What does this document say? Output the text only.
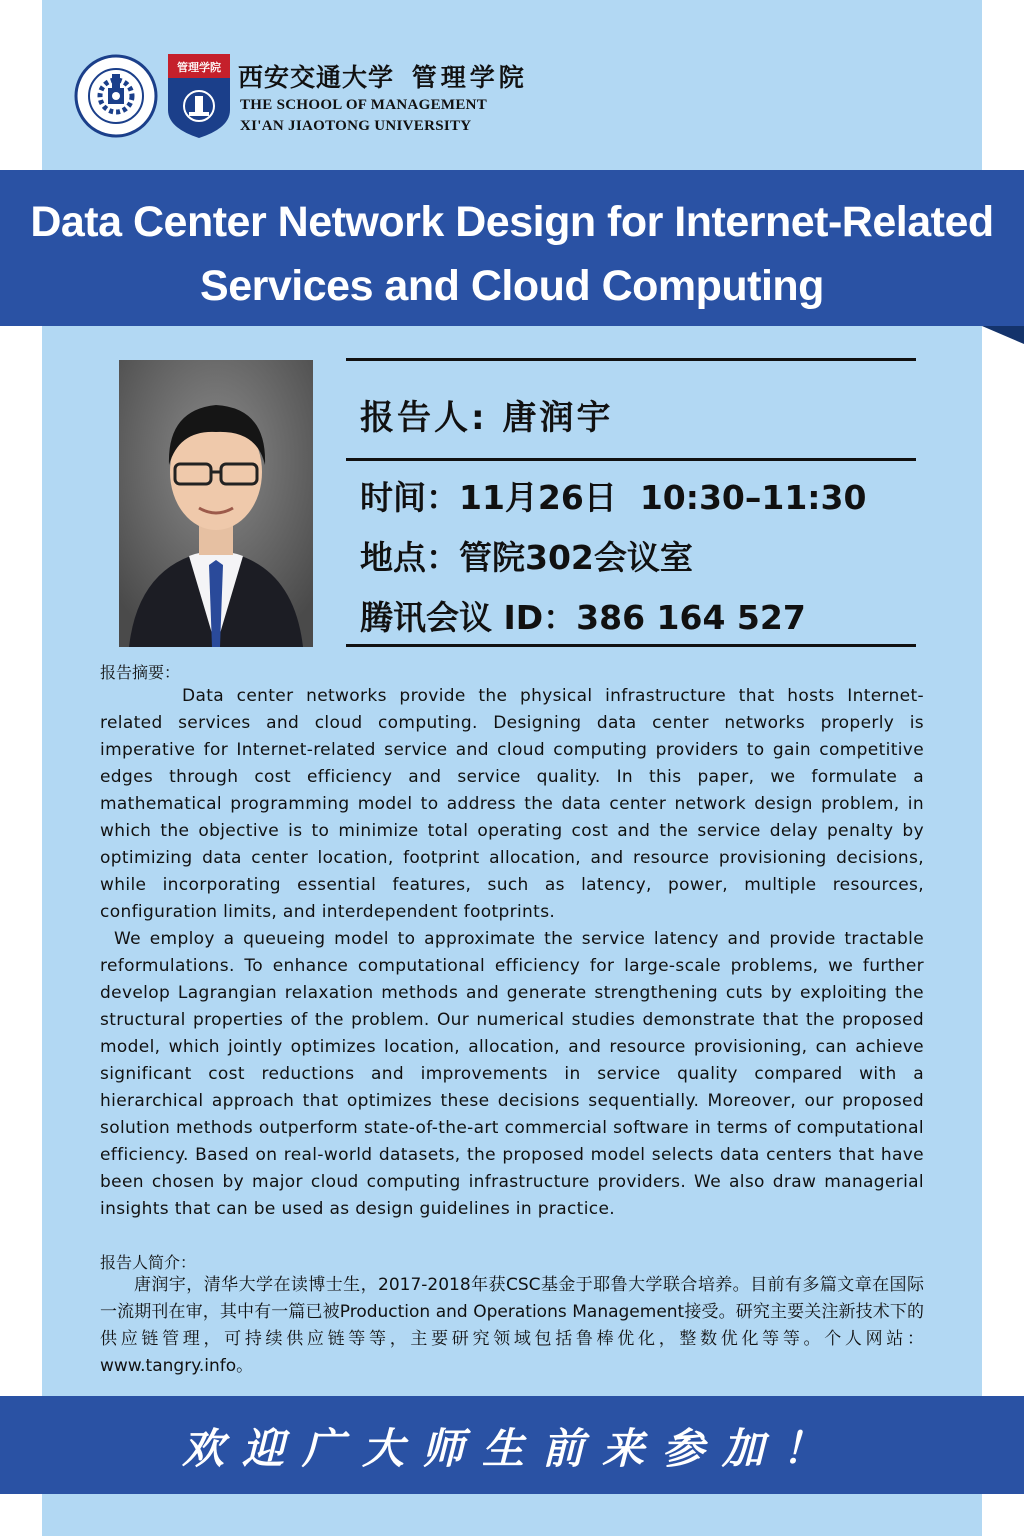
管理学院 西安交通大学 管理学院
THE SCHOOL OF MANAGEMENT
XI'AN JIAOTONG UNIVERSITY
Data Center Network Design for Internet-Related
Services and Cloud Computing
报告人: 唐润宇
时间：11月26日  10:30–11:30
地点：管院302会议室
腾讯会议 ID：386 164 527
报告摘要：

Data center networks provide the physical infrastructure that hosts Internet-related services and cloud computing. Designing data center networks properly is imperative for Internet-related service and cloud computing providers to gain competitive edges through cost efficiency and service quality. In this paper, we formulate a mathematical programming model to address the data center network design problem, in which the objective is to minimize total operating cost and the service delay penalty by optimizing data center location, footprint allocation, and resource provisioning decisions, while incorporating essential features, such as latency, power, multiple resources, configuration limits, and interdependent footprints.

We employ a queueing model to approximate the service latency and provide tractable reformulations. To enhance computational efficiency for large-scale problems, we further develop Lagrangian relaxation methods and generate strengthening cuts by exploiting the structural properties of the problem. Our numerical studies demonstrate that the proposed model, which jointly optimizes location, allocation, and resource provisioning, can achieve significant cost reductions and improvements in service quality compared with a hierarchical approach that optimizes these decisions sequentially. Moreover, our proposed solution methods outperform state-of-the-art commercial software in terms of computational efficiency. Based on real-world datasets, the proposed model selects data centers that have been chosen by major cloud computing infrastructure providers. We also draw managerial insights that can be used as design guidelines in practice.

报告人简介：
唐润宇，清华大学在读博士生，2017-2018年获CSC基金于耶鲁大学联合培养。目前有多篇文章在国际一流期刊在审，其中有一篇已被Production and Operations Management接受。研究主要关注新技术下的供应链管理，可持续供应链等等，主要研究领域包括鲁棒优化，整数优化等等。个人网站：www.tangry.info。
欢迎广大师生前来参加！
